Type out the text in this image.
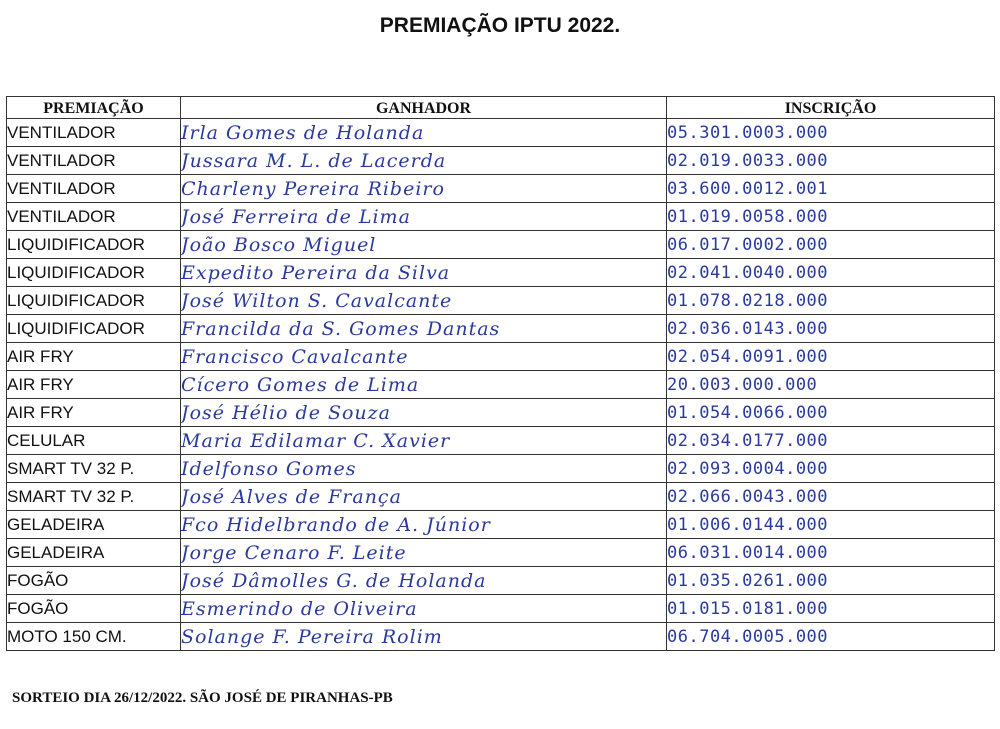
PREMIAÇÃO IPTU 2022.
PREMIAÇÃO	GANHADOR	INSCRIÇÃO
VENTILADOR	Irla Gomes de Holanda	05.301.0003.000
VENTILADOR	Jussara M. L. de Lacerda	02.019.0033.000
VENTILADOR	Charleny Pereira Ribeiro	03.600.0012.001
VENTILADOR	José Ferreira de Lima	01.019.0058.000
LIQUIDIFICADOR	João Bosco Miguel	06.017.0002.000
LIQUIDIFICADOR	Expedito Pereira da Silva	02.041.0040.000
LIQUIDIFICADOR	José Wilton S. Cavalcante	01.078.0218.000
LIQUIDIFICADOR	Francilda da S. Gomes Dantas	02.036.0143.000
AIR FRY	Francisco Cavalcante	02.054.0091.000
AIR FRY	Cícero Gomes de Lima	20.003.000.000
AIR FRY	José Hélio de Souza	01.054.0066.000
CELULAR	Maria Edilamar C. Xavier	02.034.0177.000
SMART TV 32 P.	Idelfonso Gomes	02.093.0004.000
SMART TV 32 P.	José Alves de França	02.066.0043.000
GELADEIRA	Fco Hidelbrando de A. Júnior	01.006.0144.000
GELADEIRA	Jorge Cenaro F. Leite	06.031.0014.000
FOGÃO	José Dâmolles G. de Holanda	01.035.0261.000
FOGÃO	Esmerindo de Oliveira	01.015.0181.000
MOTO 150 CM.	Solange F. Pereira Rolim	06.704.0005.000
SORTEIO DIA 26/12/2022. SÃO JOSÉ DE PIRANHAS-PB
